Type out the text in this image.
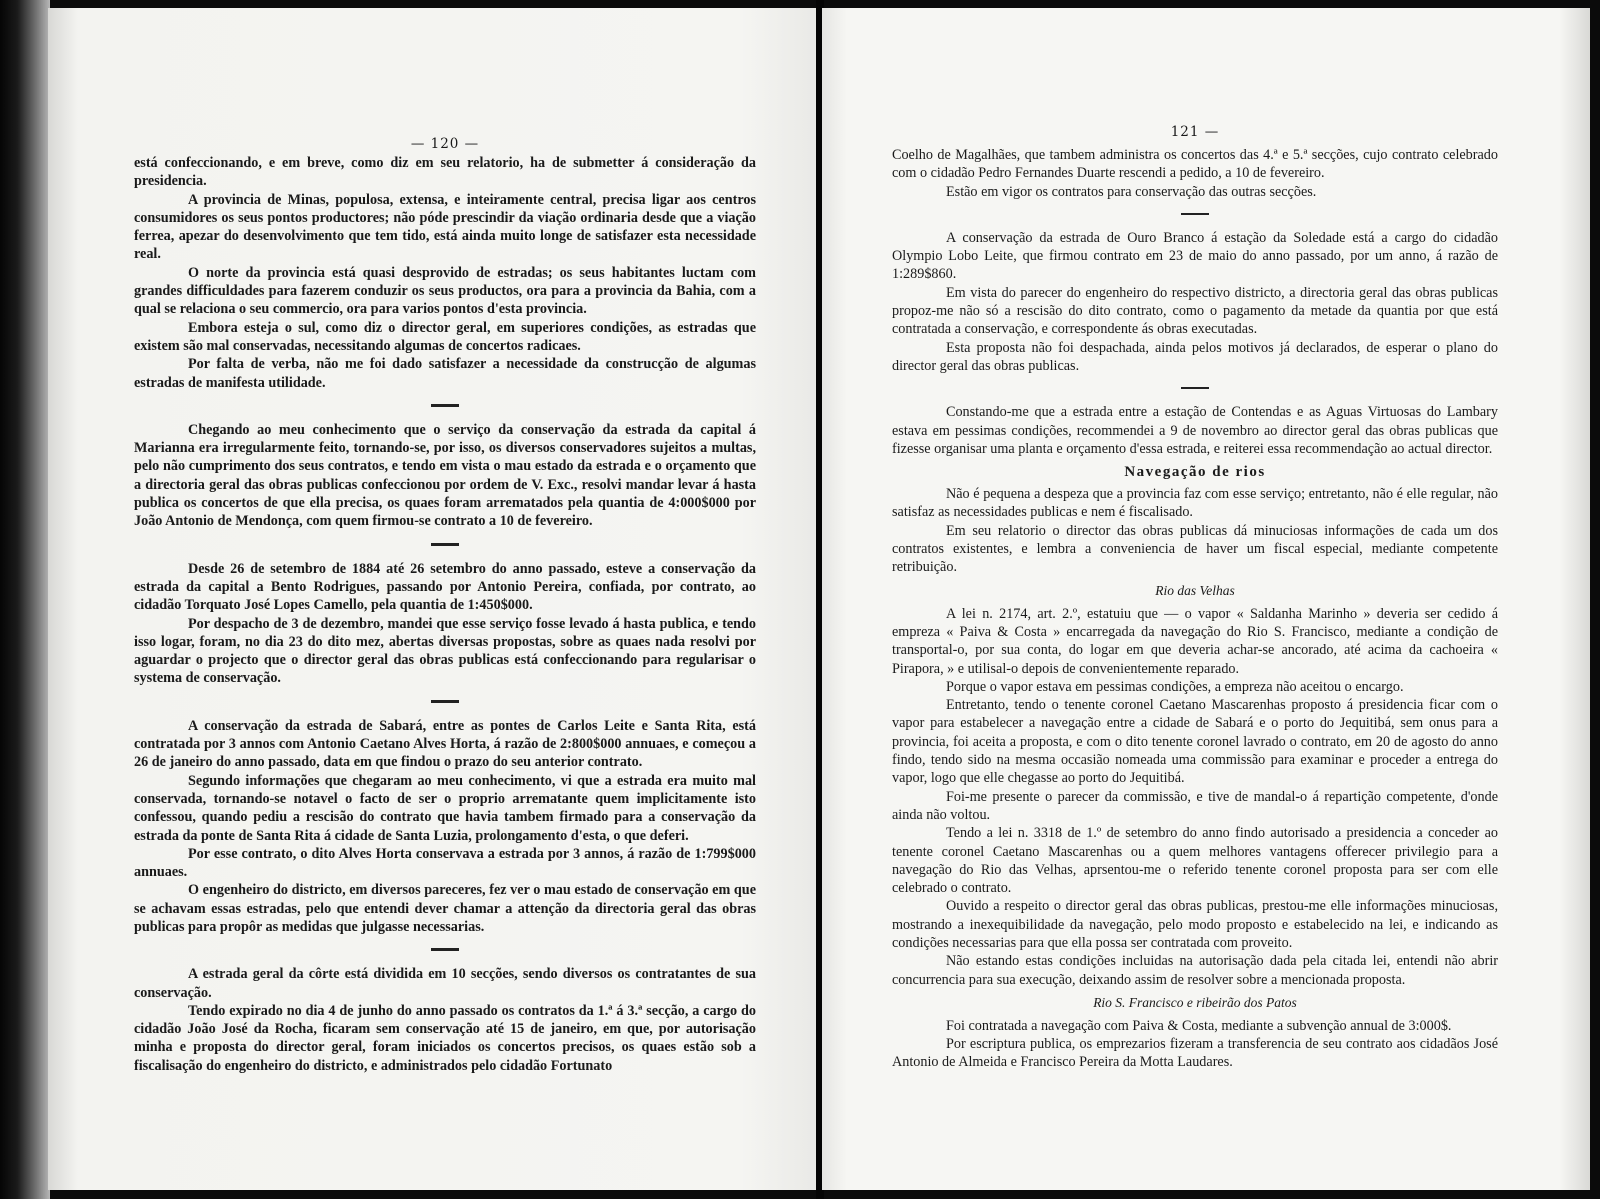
— 120 —

está confeccionando, e em breve, como diz em seu relatorio, ha de submetter á consideração da presidencia.

A provincia de Minas, populosa, extensa, e inteiramente central, precisa ligar aos centros consumidores os seus pontos productores; não póde prescindir da viação ordinaria desde que a viação ferrea, apezar do desenvolvimento que tem tido, está ainda muito longe de satisfazer esta necessidade real.

O norte da provincia está quasi desprovido de estradas; os seus habitantes luctam com grandes difficuldades para fazerem conduzir os seus productos, ora para a provincia da Bahia, com a qual se relaciona o seu commercio, ora para varios pontos d'esta provincia.

Embora esteja o sul, como diz o director geral, em superiores condições, as estradas que existem são mal conservadas, necessitando algumas de concertos radicaes.

Por falta de verba, não me foi dado satisfazer a necessidade da construcção de algumas estradas de manifesta utilidade.

Chegando ao meu conhecimento que o serviço da conservação da estrada da capital á Marianna era irregularmente feito, tornando-se, por isso, os diversos conservadores sujeitos a multas, pelo não cumprimento dos seus contratos, e tendo em vista o mau estado da estrada e o orçamento que a directoria geral das obras publicas confeccionou por ordem de V. Exc., resolvi mandar levar á hasta publica os concertos de que ella precisa, os quaes foram arrematados pela quantia de 4:000$000 por João Antonio de Mendonça, com quem firmou-se contrato a 10 de fevereiro.

Desde 26 de setembro de 1884 até 26 setembro do anno passado, esteve a conservação da estrada da capital a Bento Rodrigues, passando por Antonio Pereira, confiada, por contrato, ao cidadão Torquato José Lopes Camello, pela quantia de 1:450$000.

Por despacho de 3 de dezembro, mandei que esse serviço fosse levado á hasta publica, e tendo isso logar, foram, no dia 23 do dito mez, abertas diversas propostas, sobre as quaes nada resolvi por aguardar o projecto que o director geral das obras publicas está confeccionando para regularisar o systema de conservação.

A conservação da estrada de Sabará, entre as pontes de Carlos Leite e Santa Rita, está contratada por 3 annos com Antonio Caetano Alves Horta, á razão de 2:800$000 annuaes, e começou a 26 de janeiro do anno passado, data em que findou o prazo do seu anterior contrato.

Segundo informações que chegaram ao meu conhecimento, vi que a estrada era muito mal conservada, tornando-se notavel o facto de ser o proprio arrematante quem implicitamente isto confessou, quando pediu a rescisão do contrato que havia tambem firmado para a conservação da estrada da ponte de Santa Rita á cidade de Santa Luzia, prolongamento d'esta, o que deferi.

Por esse contrato, o dito Alves Horta conservava a estrada por 3 annos, á razão de 1:799$000 annuaes.

O engenheiro do districto, em diversos pareceres, fez ver o mau estado de conservação em que se achavam essas estradas, pelo que entendi dever chamar a attenção da directoria geral das obras publicas para propôr as medidas que julgasse necessarias.

A estrada geral da côrte está dividida em 10 secções, sendo diversos os contratantes de sua conservação.

Tendo expirado no dia 4 de junho do anno passado os contratos da 1.ª á 3.ª secção, a cargo do cidadão João José da Rocha, ficaram sem conservação até 15 de janeiro, em que, por autorisação minha e proposta do director geral, foram iniciados os concertos precisos, os quaes estão sob a fiscalisação do engenheiro do districto, e administrados pelo cidadão Fortunato

121 —

Coelho de Magalhães, que tambem administra os concertos das 4.ª e 5.ª secções, cujo contrato celebrado com o cidadão Pedro Fernandes Duarte rescendi a pedido, a 10 de fevereiro.

Estão em vigor os contratos para conservação das outras secções.

A conservação da estrada de Ouro Branco á estação da Soledade está a cargo do cidadão Olympio Lobo Leite, que firmou contrato em 23 de maio do anno passado, por um anno, á razão de 1:289$860.

Em vista do parecer do engenheiro do respectivo districto, a directoria geral das obras publicas propoz-me não só a rescisão do dito contrato, como o pagamento da metade da quantia por que está contratada a conservação, e correspondente ás obras executadas.

Esta proposta não foi despachada, ainda pelos motivos já declarados, de esperar o plano do director geral das obras publicas.

Constando-me que a estrada entre a estação de Contendas e as Aguas Virtuosas do Lambary estava em pessimas condições, recommendei a 9 de novembro ao director geral das obras publicas que fizesse organisar uma planta e orçamento d'essa estrada, e reiterei essa recommendação ao actual director.

Navegação de rios

Não é pequena a despeza que a provincia faz com esse serviço; entretanto, não é elle regular, não satisfaz as necessidades publicas e nem é fiscalisado.

Em seu relatorio o director das obras publicas dá minuciosas informações de cada um dos contratos existentes, e lembra a conveniencia de haver um fiscal especial, mediante competente retribuição.

Rio das Velhas

A lei n. 2174, art. 2.º, estatuiu que — o vapor « Saldanha Marinho » deveria ser cedido á empreza « Paiva & Costa » encarregada da navegação do Rio S. Francisco, mediante a condição de transportal-o, por sua conta, do logar em que deveria achar-se ancorado, até acima da cachoeira « Pirapora, » e utilisal-o depois de convenientemente reparado.

Porque o vapor estava em pessimas condições, a empreza não aceitou o encargo.

Entretanto, tendo o tenente coronel Caetano Mascarenhas proposto á presidencia ficar com o vapor para estabelecer a navegação entre a cidade de Sabará e o porto do Jequitibá, sem onus para a provincia, foi aceita a proposta, e com o dito tenente coronel lavrado o contrato, em 20 de agosto do anno findo, tendo sido na mesma occasião nomeada uma commissão para examinar e proceder a entrega do vapor, logo que elle chegasse ao porto do Jequitibá.

Foi-me presente o parecer da commissão, e tive de mandal-o á repartição competente, d'onde ainda não voltou.

Tendo a lei n. 3318 de 1.º de setembro do anno findo autorisado a presidencia a conceder ao tenente coronel Caetano Mascarenhas ou a quem melhores vantagens offerecer privilegio para a navegação do Rio das Velhas, aprsentou-me o referido tenente coronel proposta para ser com elle celebrado o contrato.

Ouvido a respeito o director geral das obras publicas, prestou-me elle informações minuciosas, mostrando a inexequibilidade da navegação, pelo modo proposto e estabelecido na lei, e indicando as condições necessarias para que ella possa ser contratada com proveito.

Não estando estas condições incluidas na autorisação dada pela citada lei, entendi não abrir concurrencia para sua execução, deixando assim de resolver sobre a mencionada proposta.

Rio S. Francisco e ribeirão dos Patos

Foi contratada a navegação com Paiva & Costa, mediante a subvenção annual de 3:000$.

Por escriptura publica, os emprezarios fizeram a transferencia de seu contrato aos cidadãos José Antonio de Almeida e Francisco Pereira da Motta Laudares.
